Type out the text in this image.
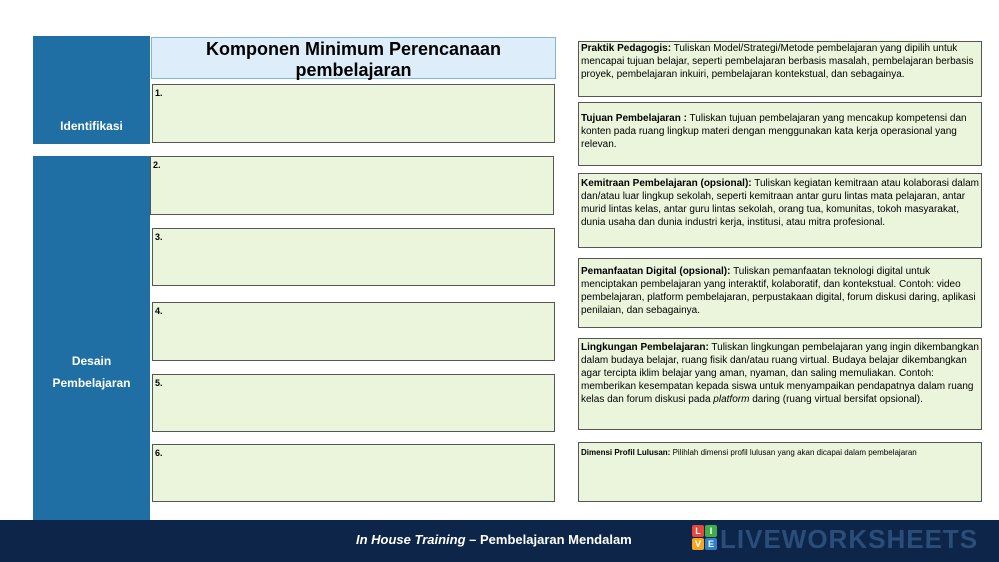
Identifikasi
Desain
Pembelajaran
Komponen Minimum Perencanaan pembelajaran
1.
2.
3.
4.
5.
6.
Praktik Pedagogis: Tuliskan Model/Strategi/Metode pembelajaran yang dipilih untuk mencapai tujuan belajar, seperti pembelajaran berbasis masalah, pembelajaran berbasis proyek, pembelajaran inkuiri, pembelajaran kontekstual, dan sebagainya.
Tujuan Pembelajaran : Tuliskan tujuan pembelajaran yang mencakup kompetensi dan konten pada ruang lingkup materi dengan menggunakan kata kerja operasional yang relevan.
Kemitraan Pembelajaran (opsional): Tuliskan kegiatan kemitraan atau kolaborasi dalam dan/atau luar lingkup sekolah, seperti kemitraan antar guru lintas mata pelajaran, antar murid lintas kelas, antar guru lintas sekolah, orang tua, komunitas, tokoh masyarakat, dunia usaha dan dunia industri kerja, institusi, atau mitra profesional.
Pemanfaatan Digital (opsional): Tuliskan pemanfaatan teknologi digital untuk menciptakan pembelajaran yang interaktif, kolaboratif, dan kontekstual. Contoh: video pembelajaran, platform pembelajaran, perpustakaan digital, forum diskusi daring, aplikasi penilaian, dan sebagainya.
Lingkungan Pembelajaran: Tuliskan lingkungan pembelajaran yang ingin dikembangkan dalam budaya belajar, ruang fisik dan/atau ruang virtual. Budaya belajar dikembangkan agar tercipta iklim belajar yang aman, nyaman, dan saling memuliakan. Contoh: memberikan kesempatan kepada siswa untuk menyampaikan pendapatnya dalam ruang kelas dan forum diskusi pada platform daring (ruang virtual bersifat opsional).
Dimensi Profil Lulusan: Pilihlah dimensi profil lulusan yang akan dicapai dalam pembelajaran
In House Training – Pembelajaran Mendalam
L I
V E LIVEWORKSHEETS
